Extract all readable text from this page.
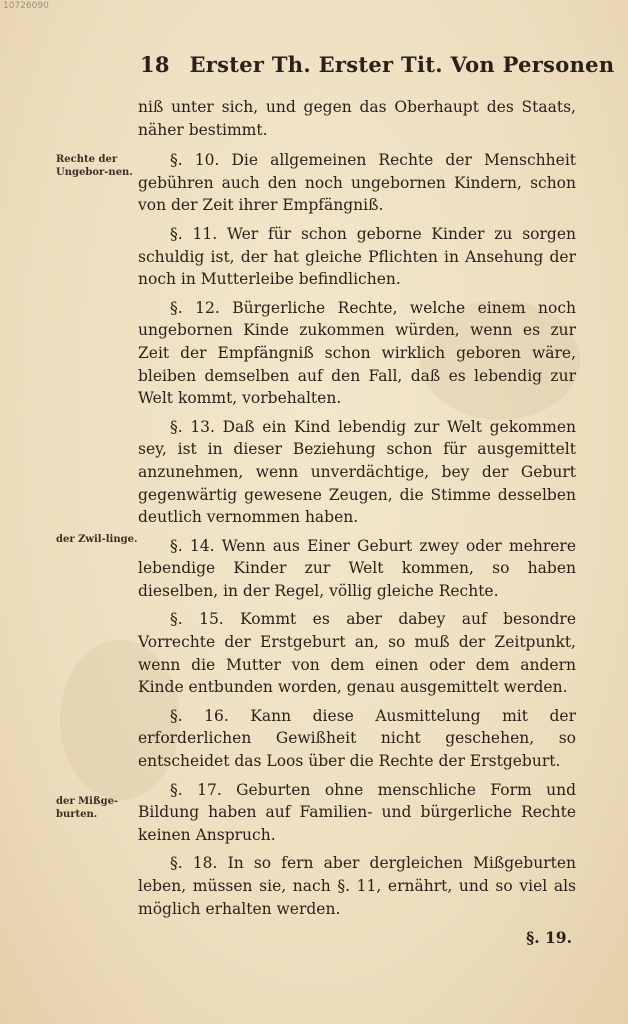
10726090
18 Erster Th. Erster Tit. Von Personen
Rechte der Ungebor-nen.
der Zwil-linge.
der Mißge-burten.

niß unter sich, und gegen das Oberhaupt des Staats, näher bestimmt.

§. 10. Die allgemeinen Rechte der Menschheit gebühren auch den noch ungebornen Kindern, schon von der Zeit ihrer Empfängniß.

§. 11. Wer für schon geborne Kinder zu sorgen schuldig ist, der hat gleiche Pflichten in Ansehung der noch in Mutterleibe befindlichen.

§. 12. Bürgerliche Rechte, welche einem noch ungebornen Kinde zukommen würden, wenn es zur Zeit der Empfängniß schon wirklich geboren wäre, bleiben demselben auf den Fall, daß es lebendig zur Welt kommt, vorbehalten.

§. 13. Daß ein Kind lebendig zur Welt gekommen sey, ist in dieser Beziehung schon für ausgemittelt anzunehmen, wenn unverdächtige, bey der Geburt gegenwärtig gewesene Zeugen, die Stimme desselben deutlich vernommen haben.

§. 14. Wenn aus Einer Geburt zwey oder mehrere lebendige Kinder zur Welt kommen, so haben dieselben, in der Regel, völlig gleiche Rechte.

§. 15. Kommt es aber dabey auf besondre Vorrechte der Erstgeburt an, so muß der Zeitpunkt, wenn die Mutter von dem einen oder dem andern Kinde entbunden worden, genau ausgemittelt werden.

§. 16. Kann diese Ausmittelung mit der erforderlichen Gewißheit nicht geschehen, so entscheidet das Loos über die Rechte der Erstgeburt.

§. 17. Geburten ohne menschliche Form und Bildung haben auf Familien- und bürgerliche Rechte keinen Anspruch.

§. 18. In so fern aber dergleichen Mißgeburten leben, müssen sie, nach §. 11, ernährt, und so viel als möglich erhalten werden.

§. 19.
